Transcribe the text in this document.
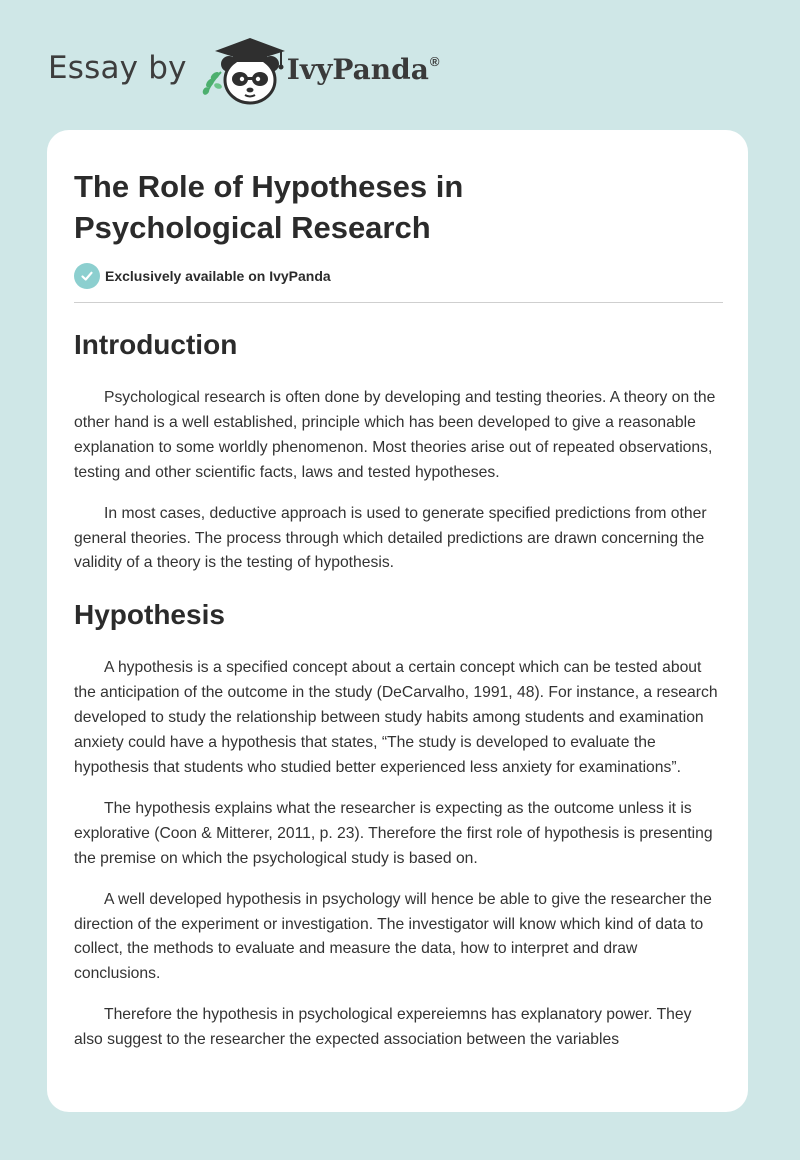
Essay by	IvyPanda®
The Role of Hypotheses in Psychological Research
Exclusively available on IvyPanda
Introduction

Psychological research is often done by developing and testing theories. A theory on the other hand is a well established, principle which has been developed to give a reasonable explanation to some worldly phenomenon. Most theories arise out of repeated observations, testing and other scientific facts, laws and tested hypotheses.

In most cases, deductive approach is used to generate specified predictions from other general theories. The process through which detailed predictions are drawn concerning the validity of a theory is the testing of hypothesis.

Hypothesis

A hypothesis is a specified concept about a certain concept which can be tested about the anticipation of the outcome in the study (DeCarvalho, 1991, 48). For instance, a research developed to study the relationship between study habits among students and examination anxiety could have a hypothesis that states, “The study is developed to evaluate the hypothesis that students who studied better experienced less anxiety for examinations”.

The hypothesis explains what the researcher is expecting as the outcome unless it is explorative (Coon & Mitterer, 2011, p. 23). Therefore the first role of hypothesis is presenting the premise on which the psychological study is based on.

A well developed hypothesis in psychology will hence be able to give the researcher the direction of the experiment or investigation. The investigator will know which kind of data to collect, the methods to evaluate and measure the data, how to interpret and draw conclusions.

Therefore the hypothesis in psychological expereiemns has explanatory power. They also suggest to the researcher the expected association between the variables
